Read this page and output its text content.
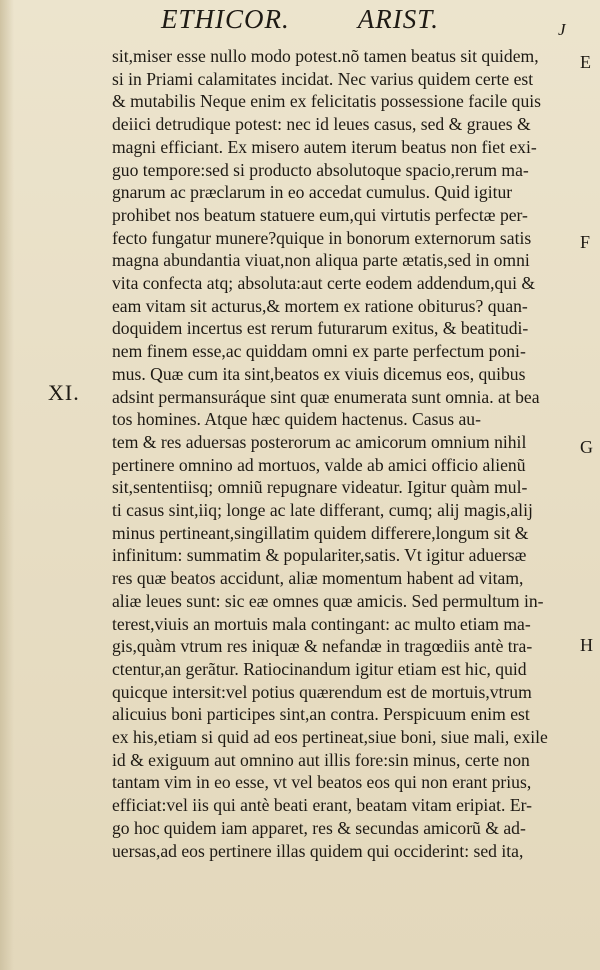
ETHICOR.	ARIST.	J
XI.
E
F
G
H
sit,miser esse nullo modo potest.nõ tamen beatus sit quidem,
si in Priami calamitates incidat. Nec varius quidem certe est
& mutabilis Neque enim ex felicitatis possessione facile quis
deiici detrudique potest: nec id leues casus, sed & graues &
magni efficiant. Ex misero autem iterum beatus non fiet exi-
guo tempore:sed si producto absolutoque spacio,rerum ma-
gnarum ac præclarum in eo accedat cumulus. Quid igitur
prohibet nos beatum statuere eum,qui virtutis perfectæ per-
fecto fungatur munere?quique in bonorum externorum satis
magna abundantia viuat,non aliqua parte ætatis,sed in omni
vita confecta atq; absoluta:aut certe eodem addendum,qui &
eam vitam sit acturus,& mortem ex ratione obiturus? quan-
doquidem incertus est rerum futurarum exitus, & beatitudi-
nem finem esse,ac quiddam omni ex parte perfectum poni-
mus. Quæ cum ita sint,beatos ex viuis dicemus eos, quibus
adsint permansuráque sint quæ enumerata sunt omnia. at bea
tos homines. Atque hæc quidem hactenus. Casus au-
tem & res aduersas posterorum ac amicorum omnium nihil
pertinere omnino ad mortuos, valde ab amici officio alienũ
sit,sententiisq; omniũ repugnare videatur. Igitur quàm mul-
ti casus sint,iiq; longe ac late differant, cumq; alij magis,alij
minus pertineant,singillatim quidem differere,longum sit &
infinitum: summatim & populariter,satis. Vt igitur aduersæ
res quæ beatos accidunt, aliæ momentum habent ad vitam,
aliæ leues sunt: sic eæ omnes quæ amicis. Sed permultum in-
terest,viuis an mortuis mala contingant: ac multo etiam ma-
gis,quàm vtrum res iniquæ & nefandæ in tragœdiis antè tra-
ctentur,an gerãtur. Ratiocinandum igitur etiam est hic, quid
quicque intersit:vel potius quærendum est de mortuis,vtrum
alicuius boni participes sint,an contra. Perspicuum enim est
ex his,etiam si quid ad eos pertineat,siue boni, siue mali, exile
id & exiguum aut omnino aut illis fore:sin minus, certe non
tantam vim in eo esse, vt vel beatos eos qui non erant prius,
efficiat:vel iis qui antè beati erant, beatam vitam eripiat. Er-
go hoc quidem iam apparet, res & secundas amicorũ & ad-
uersas,ad eos pertinere illas quidem qui occiderint: sed ita,
